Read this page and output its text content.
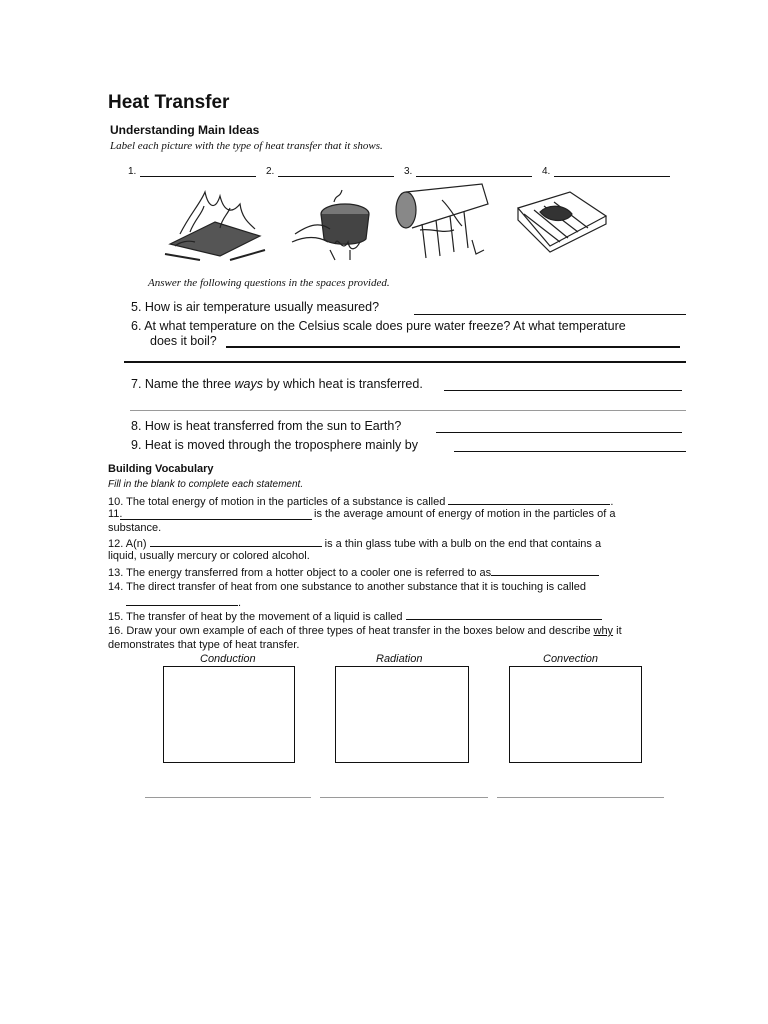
Heat Transfer
Understanding Main Ideas
Label each picture with the type of heat transfer that it shows.
1.	2.	3.	4.
Answer the following questions in the spaces provided.
5. How is air temperature usually measured?
6. At what temperature on the Celsius scale does pure water freeze? At what temperature
does it boil?
7. Name the three ways by which heat is transferred.
8. How is heat transferred from the sun to Earth?
9. Heat is moved through the troposphere mainly by
Building Vocabulary
Fill in the blank to complete each statement.
10. The total energy of motion in the particles of a substance is called	.
11.	is the average amount of energy of motion in the particles of a
substance.
12. A(n)	is a thin glass tube with a bulb on the end that contains a
liquid, usually mercury or colored alcohol.
13. The energy transferred from a hotter object to a cooler one is referred to as
14. The direct transfer of heat from one substance to another substance that it is touching is called
.
15. The transfer of heat by the movement of a liquid is called
16. Draw your own example of each of three types of heat transfer in the boxes below and describe why it
demonstrates that type of heat transfer.
Conduction	Radiation	Convection
